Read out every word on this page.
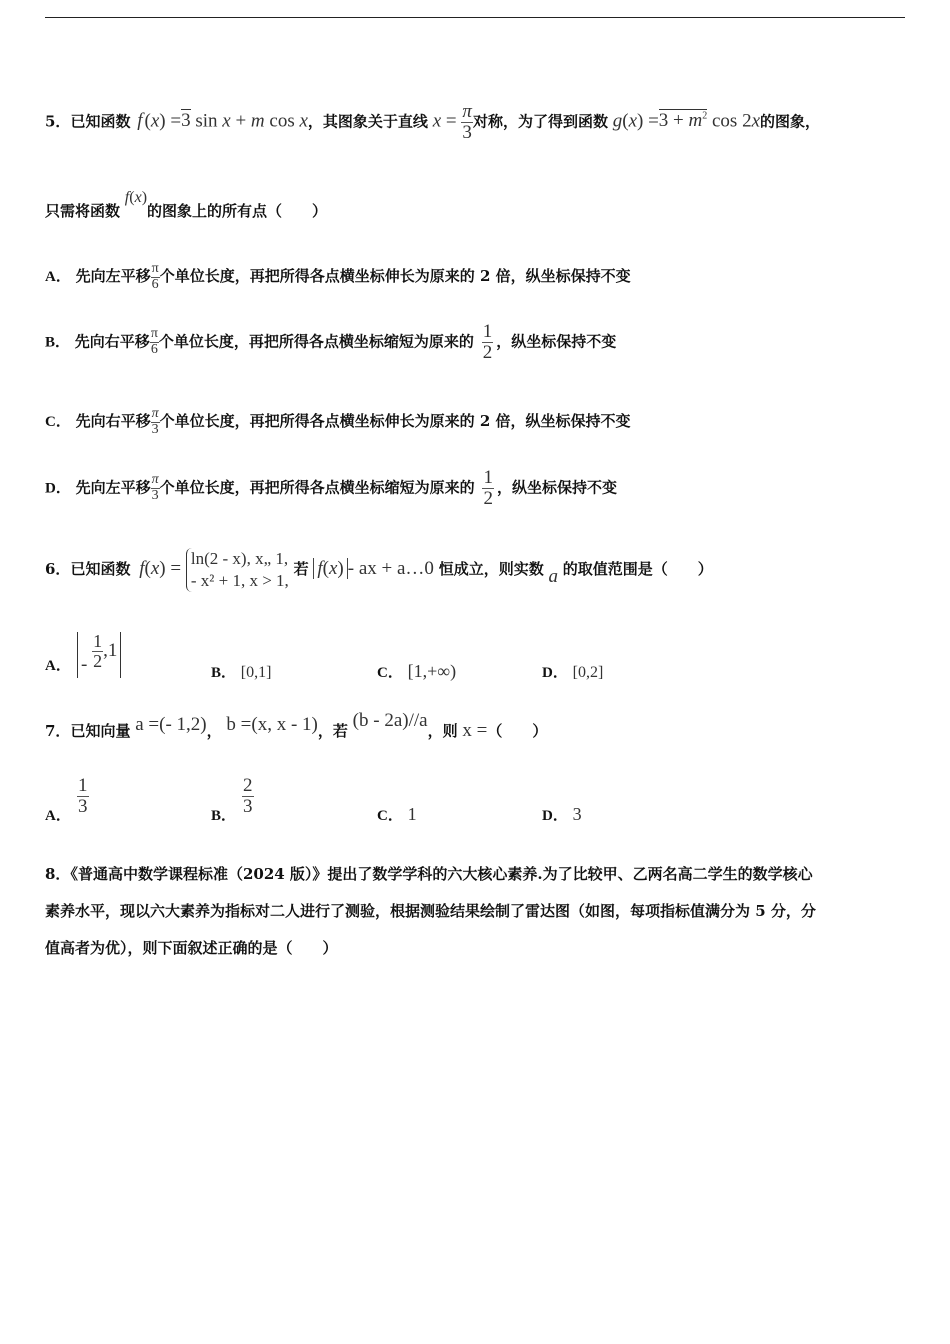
5．已知函数 f (x) =3 sin x + m cos x，其图象关于直线 $x = \frac{\pi}{3}$ 对称，为了得到函数 $g(x) =3 + m^2$ cos 2x的图象，
只需将函数 f(x)的图象上的所有点（　　）
A． 先向左平移 $\frac{\pi}{6}$ 个单位长度，再把所得各点横坐标伸长为原来的 2 倍，纵坐标保持不变
B． 先向右平移 $\frac{\pi}{6}$ 个单位长度，再把所得各点横坐标缩短为原来的 $\frac{1}{2}$ ，纵坐标保持不变
C． 先向右平移 $\frac{\pi}{3}$ 个单位长度，再把所得各点横坐标伸长为原来的 2 倍，纵坐标保持不变
D． 先向左平移 $\frac{\pi}{3}$ 个单位长度，再把所得各点横坐标缩短为原来的 $\frac{1}{2}$ ，纵坐标保持不变
6．已知函数 f(x) = ln(2 - x), x„ 1,
- x² + 1, x > 1,
若 f(x) - ax + a…0 恒成立，则实数 a 的取值范围是（　　）
A． - $\frac{1}{2} ,1$
B． [0,1]	C． [1,+∞)	D． [0,2]
7．已知向量 a =(- 1,2)， b =(x, x - 1)，若 (b - 2a)//a，则 x =（　　）
A． $\frac{1}{3}$	B． $\frac{2}{3}$	C． 1	D． 3
8．《普通高中数学课程标准（2024 版）》提出了数学学科的六大核心素养.为了比较甲、乙两名高二学生的数学核心
素养水平，现以六大素养为指标对二人进行了测验，根据测验结果绘制了雷达图（如图，每项指标值满分为 5 分，分
值高者为优），则下面叙述正确的是（　　）
